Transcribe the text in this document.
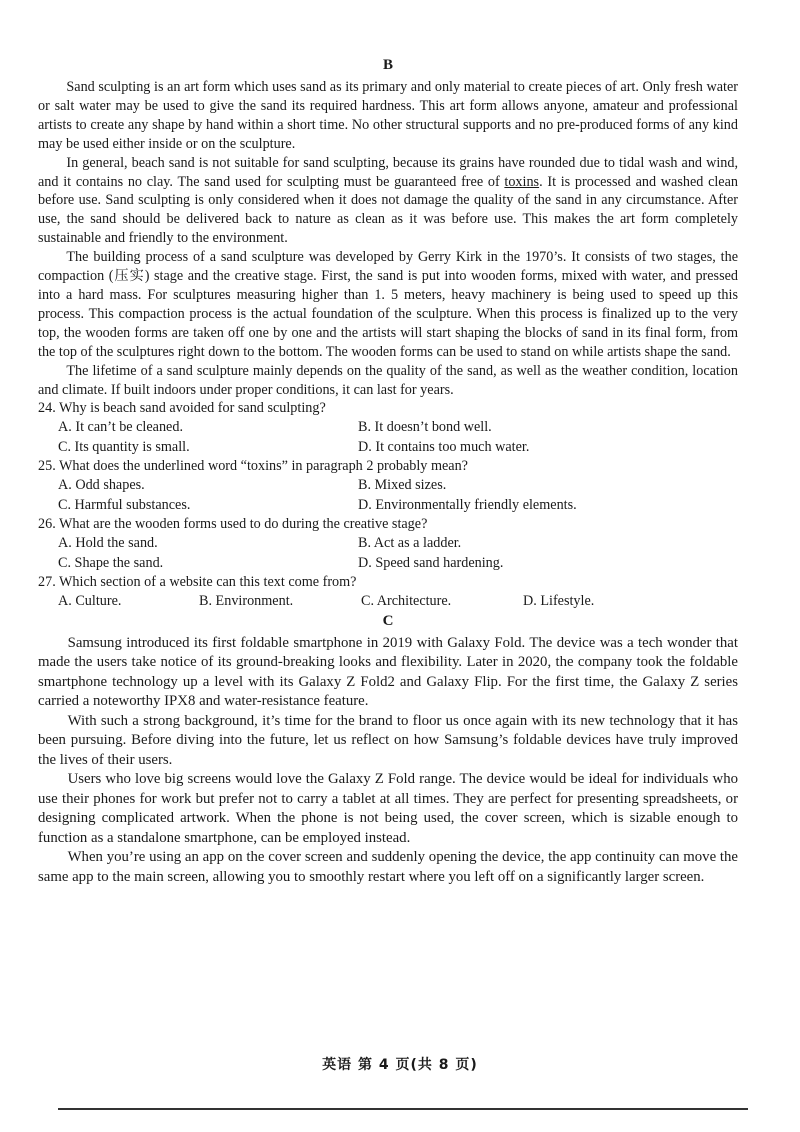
B

Sand sculpting is an art form which uses sand as its primary and only material to create pieces of art. Only fresh water or salt water may be used to give the sand its required hardness. This art form allows anyone, amateur and professional artists to create any shape by hand within a short time. No other structural supports and no pre-produced forms of any kind may be used either inside or on the sculpture.

In general, beach sand is not suitable for sand sculpting, because its grains have rounded due to tidal wash and wind, and it contains no clay. The sand used for sculpting must be guaranteed free of toxins. It is processed and washed clean before use. Sand sculpting is only considered when it does not damage the quality of the sand in any circumstance. After use, the sand should be delivered back to nature as clean as it was before use. This makes the art form completely sustainable and friendly to the environment.

The building process of a sand sculpture was developed by Gerry Kirk in the 1970’s. It consists of two stages, the compaction (压实) stage and the creative stage. First, the sand is put into wooden forms, mixed with water, and pressed into a hard mass. For sculptures measuring higher than 1. 5 meters, heavy machinery is being used to speed up this process. This compaction process is the actual foundation of the sculpture. When this process is finalized up to the very top, the wooden forms are taken off one by one and the artists will start shaping the blocks of sand in its final form, from the top of the sculptures right down to the bottom. The wooden forms can be used to stand on while artists shape the sand.

The lifetime of a sand sculpture mainly depends on the quality of the sand, as well as the weather condition, location and climate. If built indoors under proper conditions, it can last for years.

24. Why is beach sand avoided for sand sculpting?

A. It can’t be cleaned.	B. It doesn’t bond well.
C. Its quantity is small.	D. It contains too much water.

25. What does the underlined word “toxins” in paragraph 2 probably mean?

A. Odd shapes.	B. Mixed sizes.
C. Harmful substances.	D. Environmentally friendly elements.

26. What are the wooden forms used to do during the creative stage?

A. Hold the sand.	B. Act as a ladder.
C. Shape the sand.	D. Speed sand hardening.

27. Which section of a website can this text come from?

A. Culture.	B. Environment.	C. Architecture.	D. Lifestyle.
C

Samsung introduced its first foldable smartphone in 2019 with Galaxy Fold. The device was a tech wonder that made the users take notice of its ground-breaking looks and flexibility. Later in 2020, the company took the foldable smartphone technology up a level with its Galaxy Z Fold2 and Galaxy Flip. For the first time, the Galaxy Z series carried a noteworthy IPX8 and water-resistance feature.

With such a strong background, it’s time for the brand to floor us once again with its new technology that it has been pursuing. Before diving into the future, let us reflect on how Samsung’s foldable devices have truly improved the lives of their users.

Users who love big screens would love the Galaxy Z Fold range. The device would be ideal for individuals who use their phones for work but prefer not to carry a tablet at all times. They are perfect for presenting spreadsheets, or designing complicated artwork. When the phone is not being used, the cover screen, which is sizable enough to function as a standalone smartphone, can be employed instead.

When you’re using an app on the cover screen and suddenly opening the device, the app continuity can move the same app to the main screen, allowing you to smoothly restart where you left off on a significantly larger screen.

英语 第 4 页(共 8 页)
